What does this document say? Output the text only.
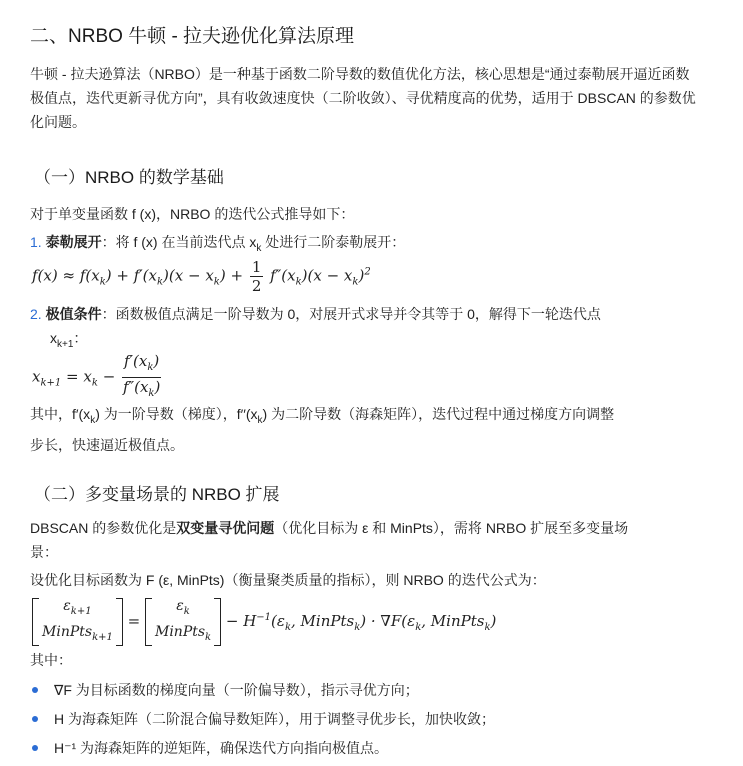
二、NRBO 牛顿 - 拉夫逊优化算法原理
牛顿 - 拉夫逊算法（NRBO）是一种基于函数二阶导数的数值优化方法，核心思想是“通过泰勒展开逼近函数极值点，迭代更新寻优方向”，具有收敛速度快（二阶收敛）、寻优精度高的优势，适用于 DBSCAN 的参数优化问题。
（一）NRBO 的数学基础
对于单变量函数 f (x)，NRBO 的迭代公式推导如下：
1. 泰勒展开：将 f (x) 在当前迭代点 $x_k$ 处进行二阶泰勒展开：
$f(x) \approx f(x_k) + f'(x_k)(x - x_k) + \frac{1}{2} f''(x_k)(x - x_k)^2$
2. 极值条件：函数极值点满足一阶导数为 0，对展开式求导并令其等于 0，解得下一轮迭代点
$x_{k+1}$：
$x_{k+1} = x_k - \frac{f'(x_k)}{f''(x_k)}$
其中，$f'(x_k)$ 为一阶导数（梯度），$f''(x_k)$ 为二阶导数（海森矩阵），迭代过程中通过梯度方向调整
步长，快速逼近极值点。
（二）多变量场景的 NRBO 扩展
DBSCAN 的参数优化是双变量寻优问题（优化目标为 ε 和 MinPts），需将 NRBO 扩展至多变量场
景：
设优化目标函数为 F (ε, MinPts)（衡量聚类质量的指标），则 NRBO 的迭代公式为：
$\varepsilon_{k+1}$
MinPts$_{k+1}$
=
$\varepsilon_k$
MinPts$_k$
− $H^{-1}(\varepsilon_k$, MinPts$_k$) · $\nabla F(\varepsilon_k$, MinPts$_k$)
其中：
∇F 为目标函数的梯度向量（一阶偏导数），指示寻优方向；
H 为海森矩阵（二阶混合偏导数矩阵），用于调整寻优步长，加快收敛；
H⁻¹ 为海森矩阵的逆矩阵，确保迭代方向指向极值点。
